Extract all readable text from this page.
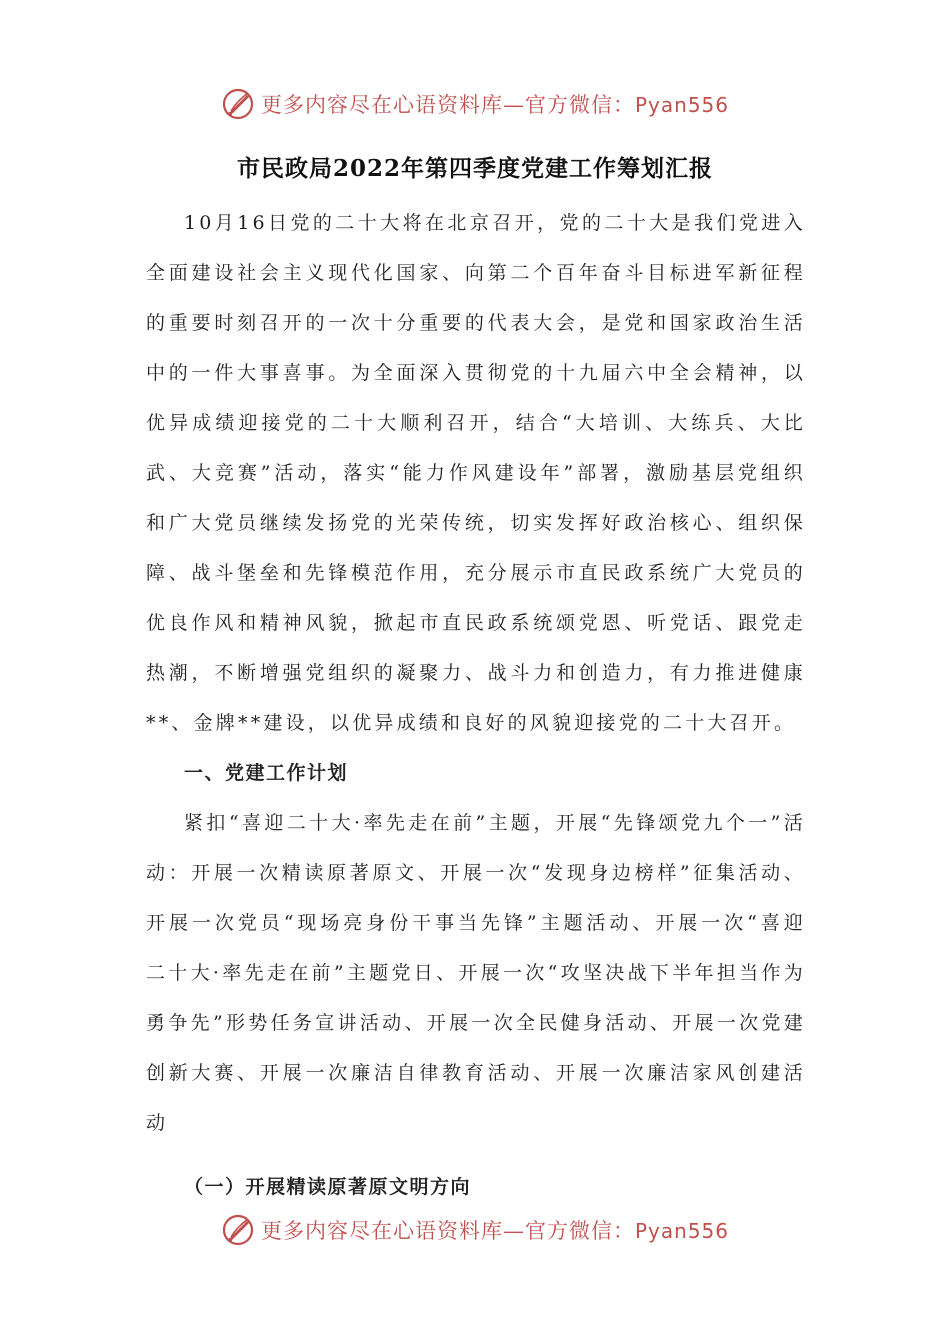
更多内容尽在心语资料库—官方微信：Pyan556
市民政局2022年第四季度党建工作筹划汇报

10月16日党的二十大将在北京召开，党的二十大是我们党进入全面建设社会主义现代化国家、向第二个百年奋斗目标进军新征程的重要时刻召开的一次十分重要的代表大会，是党和国家政治生活中的一件大事喜事。为全面深入贯彻党的十九届六中全会精神，以优异成绩迎接党的二十大顺利召开，结合“大培训、大练兵、大比武、大竞赛”活动，落实“能力作风建设年”部署，激励基层党组织和广大党员继续发扬党的光荣传统，切实发挥好政治核心、组织保障、战斗堡垒和先锋模范作用，充分展示市直民政系统广大党员的优良作风和精神风貌，掀起市直民政系统颂党恩、听党话、跟党走热潮，不断增强党组织的凝聚力、战斗力和创造力，有力推进健康**、金牌**建设，以优异成绩和良好的风貌迎接党的二十大召开。

一、党建工作计划

紧扣“喜迎二十大·率先走在前”主题，开展“先锋颂党九个一”活动：开展一次精读原著原文、开展一次“发现身边榜样”征集活动、开展一次党员“现场亮身份干事当先锋”主题活动、开展一次“喜迎二十大·率先走在前”主题党日、开展一次“攻坚决战下半年担当作为勇争先”形势任务宣讲活动、开展一次全民健身活动、开展一次党建创新大赛、开展一次廉洁自律教育活动、开展一次廉洁家风创建活动

（一）开展精读原著原文明方向
更多内容尽在心语资料库—官方微信：Pyan556
